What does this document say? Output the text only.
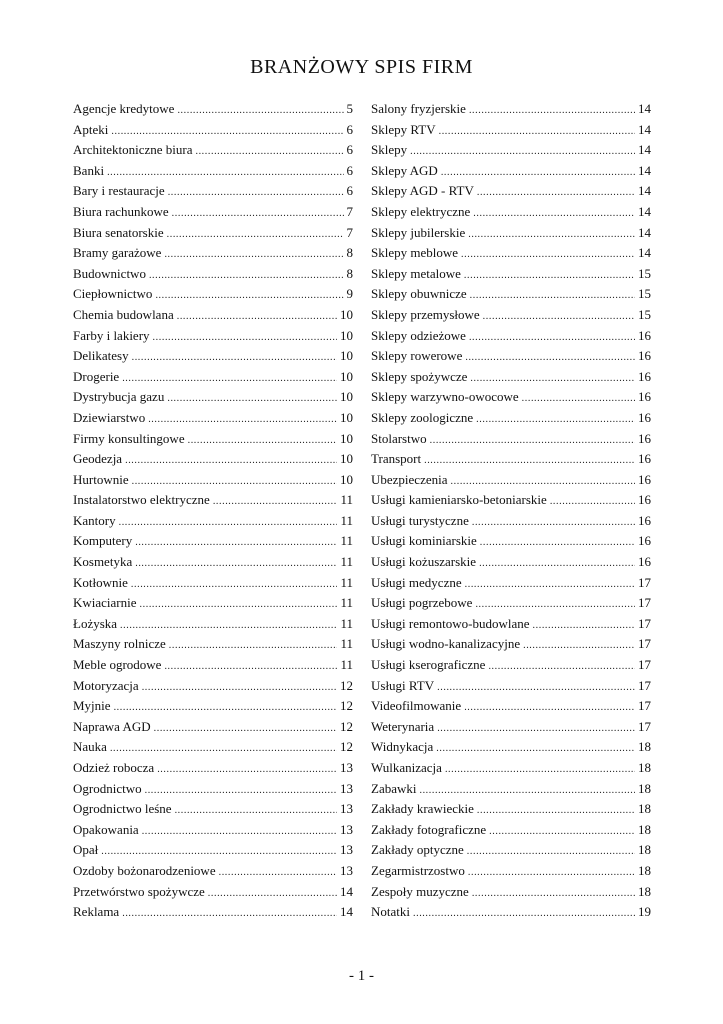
BRANŻOWY SPIS FIRM
Agencje kredytowe .....	5
Apteki .....	6
Architektoniczne biura .....	6
Banki .....	6
Bary i restauracje .....	6
Biura rachunkowe .....	7
Biura senatorskie .....	7
Bramy garażowe .....	8
Budownictwo .....	8
Ciepłownictwo .....	9
Chemia budowlana .....	10
Farby i lakiery .....	10
Delikatesy .....	10
Drogerie .....	10
Dystrybucja gazu .....	10
Dziewiarstwo .....	10
Firmy konsultingowe .....	10
Geodezja .....	10
Hurtownie .....	10
Instalatorstwo elektryczne .....	11
Kantory .....	11
Komputery .....	11
Kosmetyka .....	11
Kotłownie .....	11
Kwiaciarnie .....	11
Łożyska .....	11
Maszyny rolnicze .....	11
Meble ogrodowe .....	11
Motoryzacja .....	12
Myjnie .....	12
Naprawa AGD .....	12
Nauka .....	12
Odzież robocza .....	13
Ogrodnictwo .....	13
Ogrodnictwo leśne .....	13
Opakowania .....	13
Opał .....	13
Ozdoby bożonarodzeniowe .....	13
Przetwórstwo spożywcze .....	14
Reklama .....	14
Salony fryzjerskie .....	14
Sklepy RTV .....	14
Sklepy .....	14
Sklepy AGD .....	14
Sklepy AGD - RTV .....	14
Sklepy elektryczne .....	14
Sklepy jubilerskie .....	14
Sklepy meblowe .....	14
Sklepy metalowe .....	15
Sklepy obuwnicze .....	15
Sklepy przemysłowe .....	15
Sklepy odzieżowe .....	16
Sklepy rowerowe .....	16
Sklepy spożywcze .....	16
Sklepy warzywno-owocowe .....	16
Sklepy zoologiczne .....	16
Stolarstwo .....	16
Transport .....	16
Ubezpieczenia .....	16
Usługi kamieniarsko-betoniarskie .....	16
Usługi turystyczne .....	16
Usługi kominiarskie .....	16
Usługi kożuszarskie .....	16
Usługi medyczne .....	17
Usługi pogrzebowe .....	17
Usługi remontowo-budowlane .....	17
Usługi wodno-kanalizacyjne .....	17
Usługi kserograficzne .....	17
Usługi RTV .....	17
Videofilmowanie .....	17
Weterynaria .....	17
Widnykacja .....	18
Wulkanizacja .....	18
Zabawki .....	18
Zakłady krawieckie .....	18
Zakłady fotograficzne .....	18
Zakłady optyczne .....	18
Zegarmistrzostwo .....	18
Zespoły muzyczne .....	18
Notatki .....	19
- 1 -
